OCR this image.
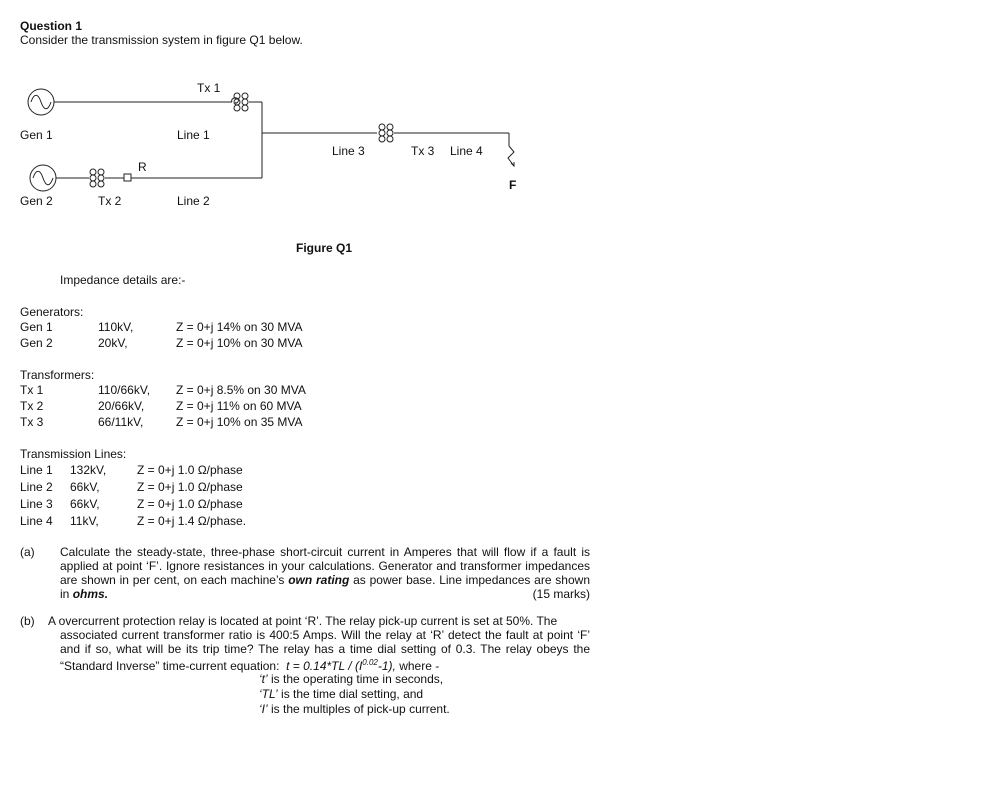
Question 1
Consider the transmission system in figure Q1 below.
Tx 1
Gen 1	Line 1
Line 3	Tx 3 Line 4
R
F
Gen 2	Tx 2	Line 2
Figure Q1
Impedance details are:-
Generators:
Gen 1	110kV,	Z = 0+j 14% on 30 MVA
Gen 2	20kV,	Z = 0+j 10% on 30 MVA
Transformers:
Tx 1	110/66kV, Z = 0+j 8.5% on 30 MVA
Tx 2	20/66kV,	Z = 0+j 11% on 60 MVA
Tx 3	66/11kV,	Z = 0+j 10% on 35 MVA
Transmission Lines:
Line 1 132kV,	Z = 0+j 1.0 Ω/phase
Line 2 66kV,	Z = 0+j 1.0 Ω/phase
Line 3 66kV,	Z = 0+j 1.0 Ω/phase
Line 4 11kV,	Z = 0+j 1.4 Ω/phase.
(a) Calculate the steady-state, three-phase short-circuit current in Amperes that will flow if a fault is applied at point ‘F’. Ignore resistances in your calculations. Generator and transformer impedances are shown in per cent, on each machine’s own rating as power base. Line impedances are shown in ohms.	(15 marks)
(b) A overcurrent protection relay is located at point ‘R’. The relay pick-up current is set at 50%. The
associated current transformer ratio is 400:5 Amps. Will the relay at ‘R’ detect the fault at point ‘F’ and if so, what will be its trip time? The relay has a time dial setting of 0.3. The relay obeys the “Standard Inverse” time-current equation: $t = 0.14*TL / (I^{0.02}-1)$, where -
‘t’ is the operating time in seconds,
‘TL’ is the time dial setting, and
‘I’ is the multiples of pick-up current.
